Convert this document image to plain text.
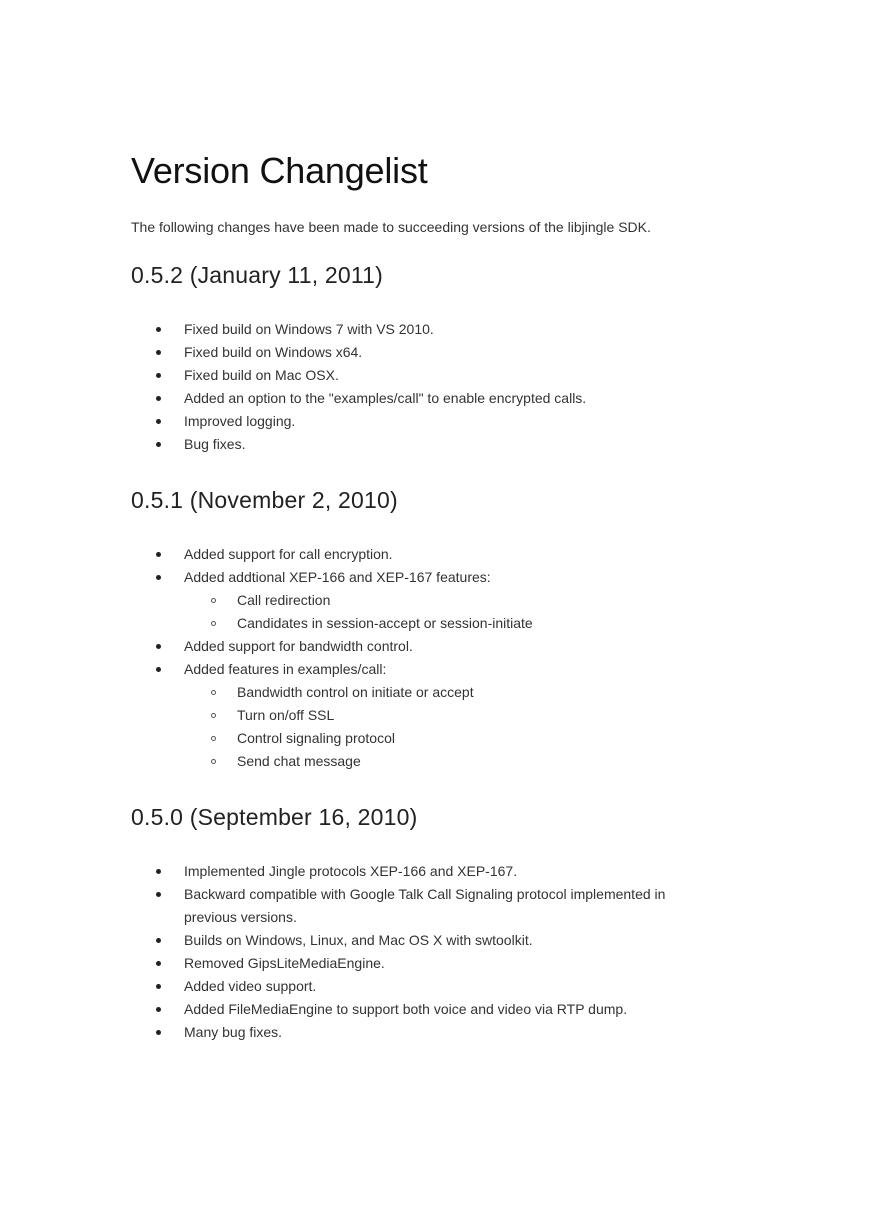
Version Changelist

The following changes have been made to succeeding versions of the libjingle SDK.

0.5.2 (January 11, 2011)
Fixed build on Windows 7 with VS 2010.
Fixed build on Windows x64.
Fixed build on Mac OSX.
Added an option to the "examples/call" to enable encrypted calls.
Improved logging.
Bug fixes.
0.5.1 (November 2, 2010)
Added support for call encryption.
Added addtional XEP-166 and XEP-167 features:
Call redirection
Candidates in session-accept or session-initiate
Added support for bandwidth control.
Added features in examples/call:
Bandwidth control on initiate or accept
Turn on/off SSL
Control signaling protocol
Send chat message
0.5.0 (September 16, 2010)
Implemented Jingle protocols XEP-166 and XEP-167.
Backward compatible with Google Talk Call Signaling protocol implemented in previous versions.
Builds on Windows, Linux, and Mac OS X with swtoolkit.
Removed GipsLiteMediaEngine.
Added video support.
Added FileMediaEngine to support both voice and video via RTP dump.
Many bug fixes.
